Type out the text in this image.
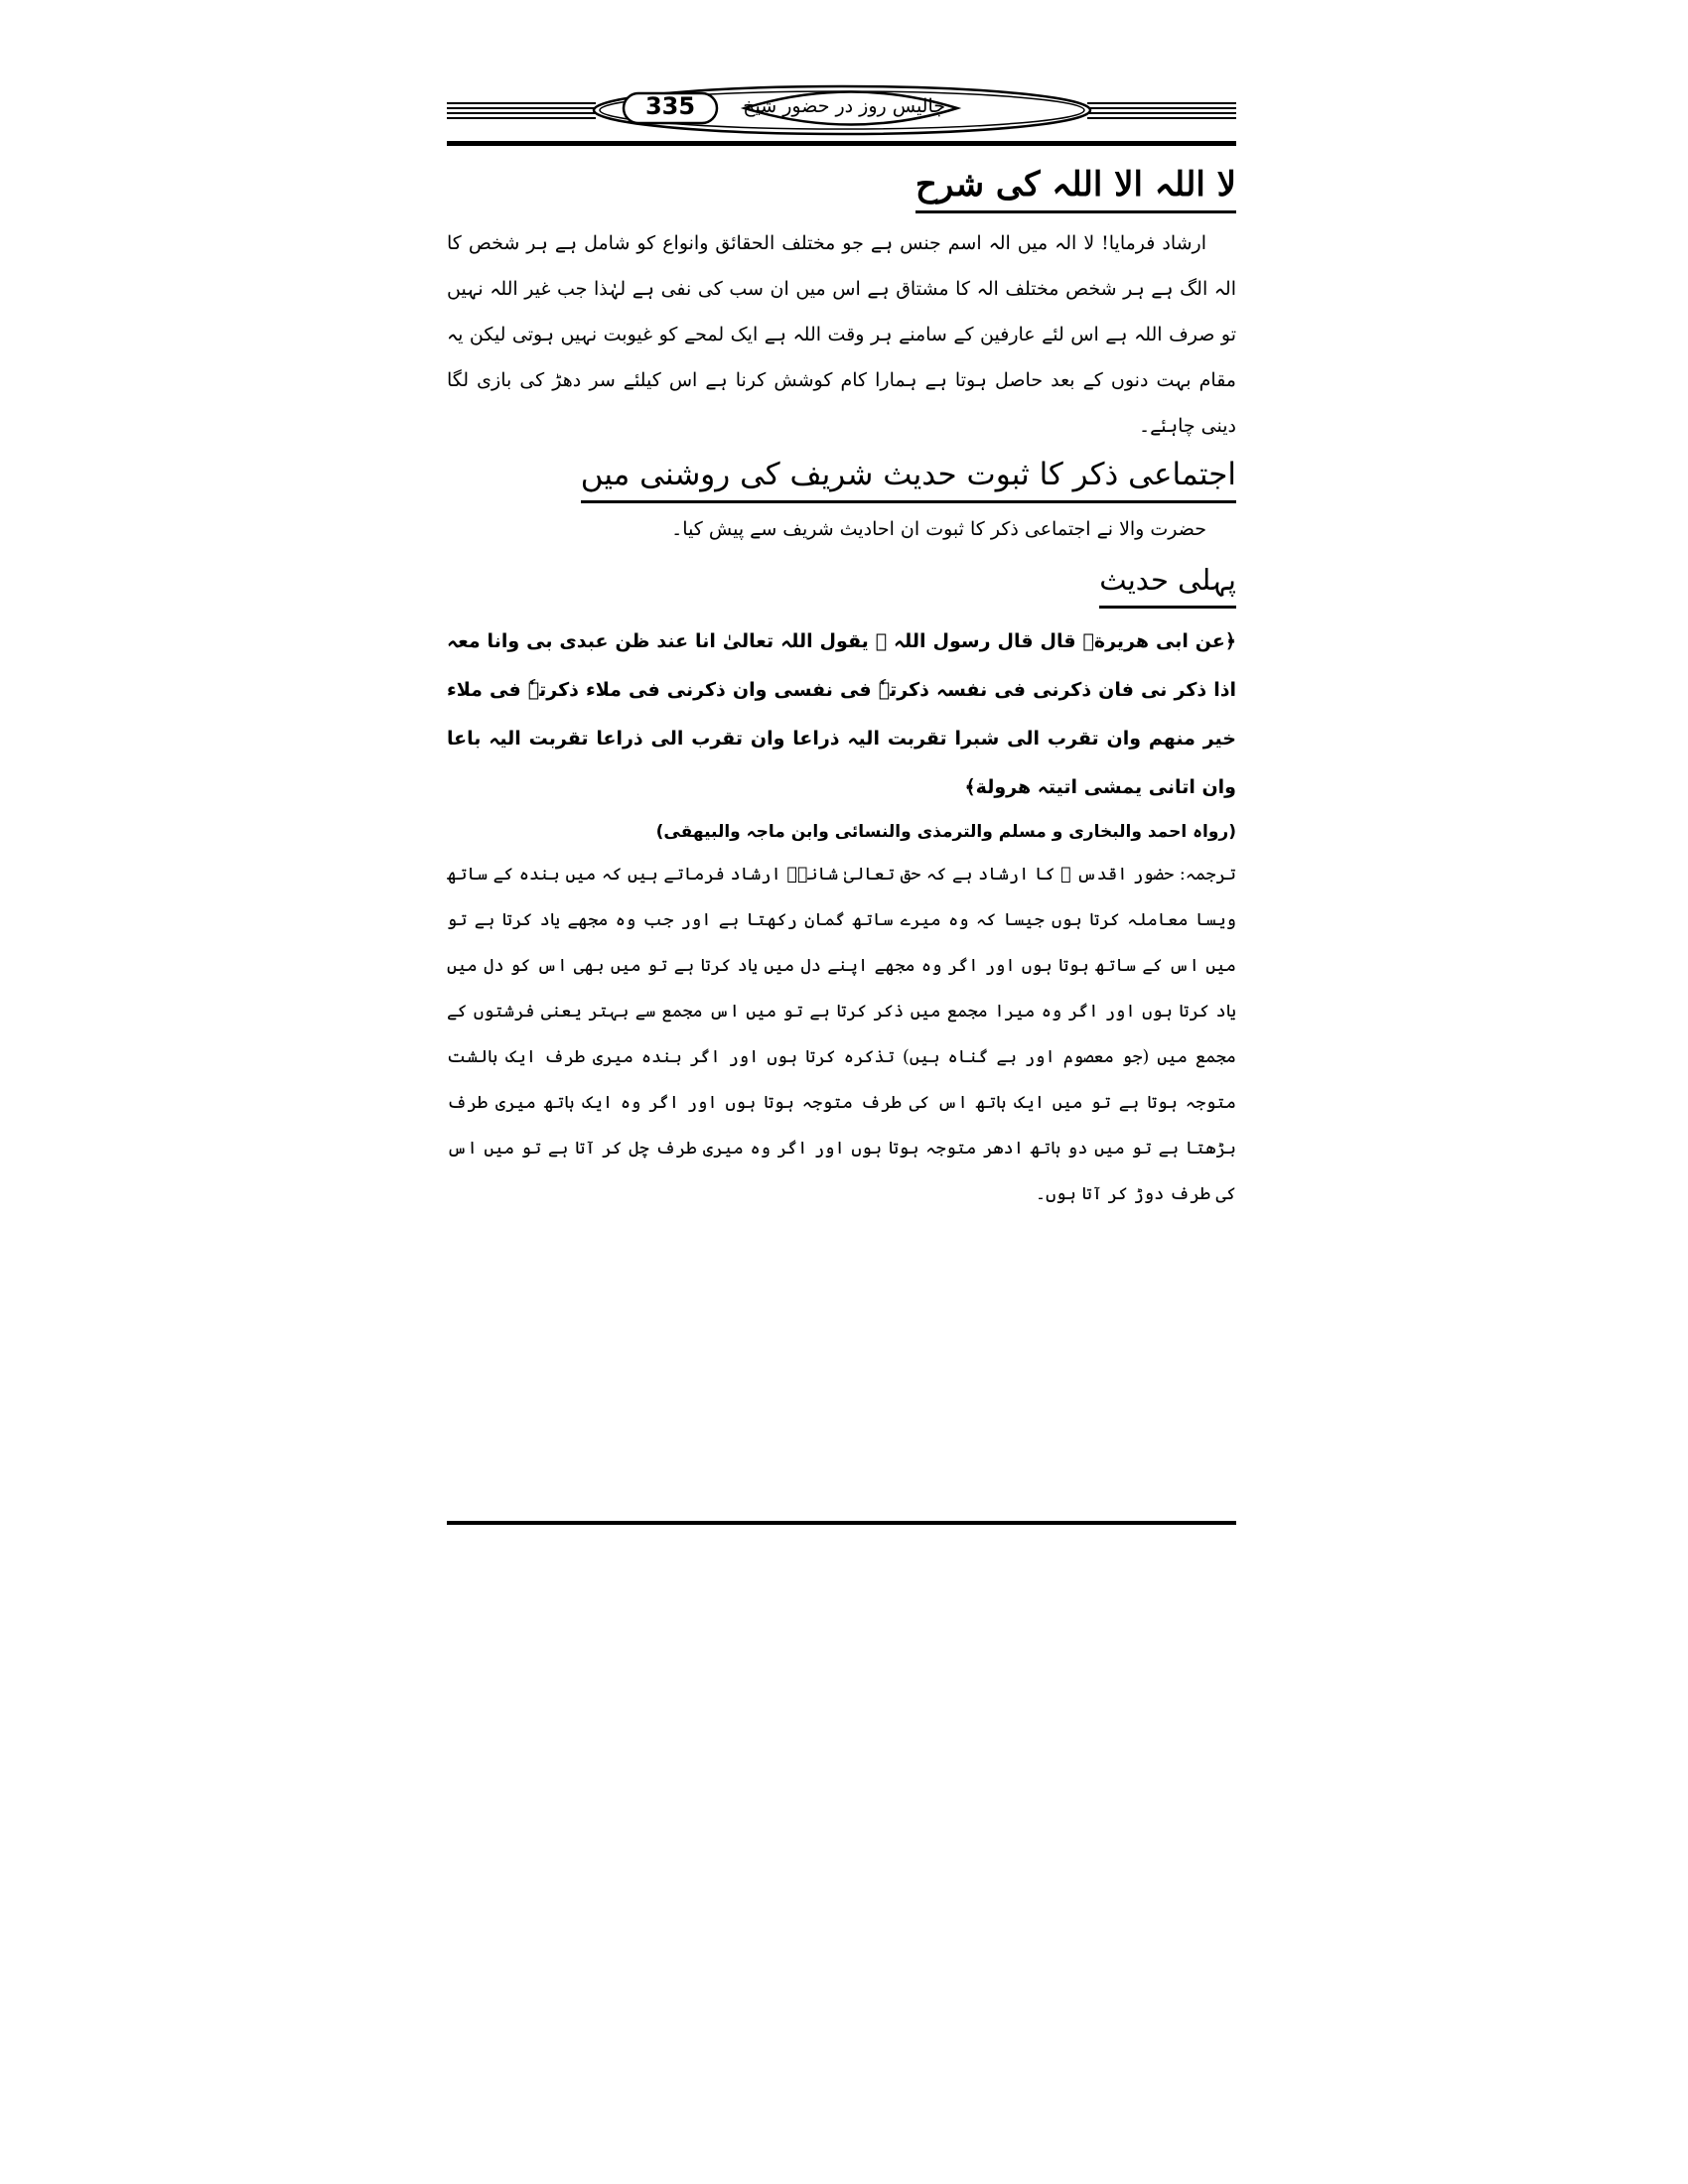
335	چالیس روز در حضور شیخ
لا اللہ الا اللہ کی شرح

ارشاد فرمایا! لا الہ میں الہ اسم جنس ہے جو مختلف الحقائق وانواع کو شامل ہے ہر شخص کا الہ الگ ہے ہر شخص مختلف الہ کا مشتاق ہے اس میں ان سب کی نفی ہے لہٰذا جب غیر اللہ نہیں تو صرف اللہ ہے اس لئے عارفین کے سامنے ہر وقت اللہ ہے ایک لمحے کو غیوبت نہیں ہوتی لیکن یہ مقام بہت دنوں کے بعد حاصل ہوتا ہے ہمارا کام کوشش کرنا ہے اس کیلئے سر دھڑ کی بازی لگا دینی چاہئے۔

اجتماعی ذکر کا ثبوت حدیث شریف کی روشنی میں

حضرت والا نے اجتماعی ذکر کا ثبوت ان احادیث شریف سے پیش کیا۔

پہلی حدیث

﴿عن ابی ھریرةؓ قال قال رسول اللہ ﷺ یقول اللہ تعالیٰ انا عند ظن عبدی بی وانا معہ اذا ذکر نی فان ذکرنی فی نفسہ ذکرتہٗ فی نفسی وان ذکرنی فی ملاء ذکرتہٗ فی ملاء خیر منھم وان تقرب الی شبرا تقربت الیہ ذراعا وان تقرب الی ذراعا تقربت الیہ باعا وان اتانی یمشی اتیتہ ھرولة﴾

(رواہ احمد والبخاری و مسلم والترمذی والنسائی وابن ماجہ والبیھقی)

ترجمہ: حضور اقدس ﷺ کا ارشاد ہے کہ حق تعالیٰ شانہٗ ارشاد فرماتے ہیں کہ میں بندہ کے ساتھ ویسا معاملہ کرتا ہوں جیسا کہ وہ میرے ساتھ گمان رکھتا ہے اور جب وہ مجھے یاد کرتا ہے تو میں اس کے ساتھ ہوتا ہوں اور اگر وہ مجھے اپنے دل میں یاد کرتا ہے تو میں بھی اس کو دل میں یاد کرتا ہوں اور اگر وہ میرا مجمع میں ذکر کرتا ہے تو میں اس مجمع سے بہتر یعنی فرشتوں کے مجمع میں (جو معصوم اور بے گناہ ہیں) تذکرہ کرتا ہوں اور اگر بندہ میری طرف ایک بالشت متوجہ ہوتا ہے تو میں ایک ہاتھ اس کی طرف متوجہ ہوتا ہوں اور اگر وہ ایک ہاتھ میری طرف بڑھتا ہے تو میں دو ہاتھ ادھر متوجہ ہوتا ہوں اور اگر وہ میری طرف چل کر آتا ہے تو میں اس کی طرف دوڑ کر آتا ہوں۔
